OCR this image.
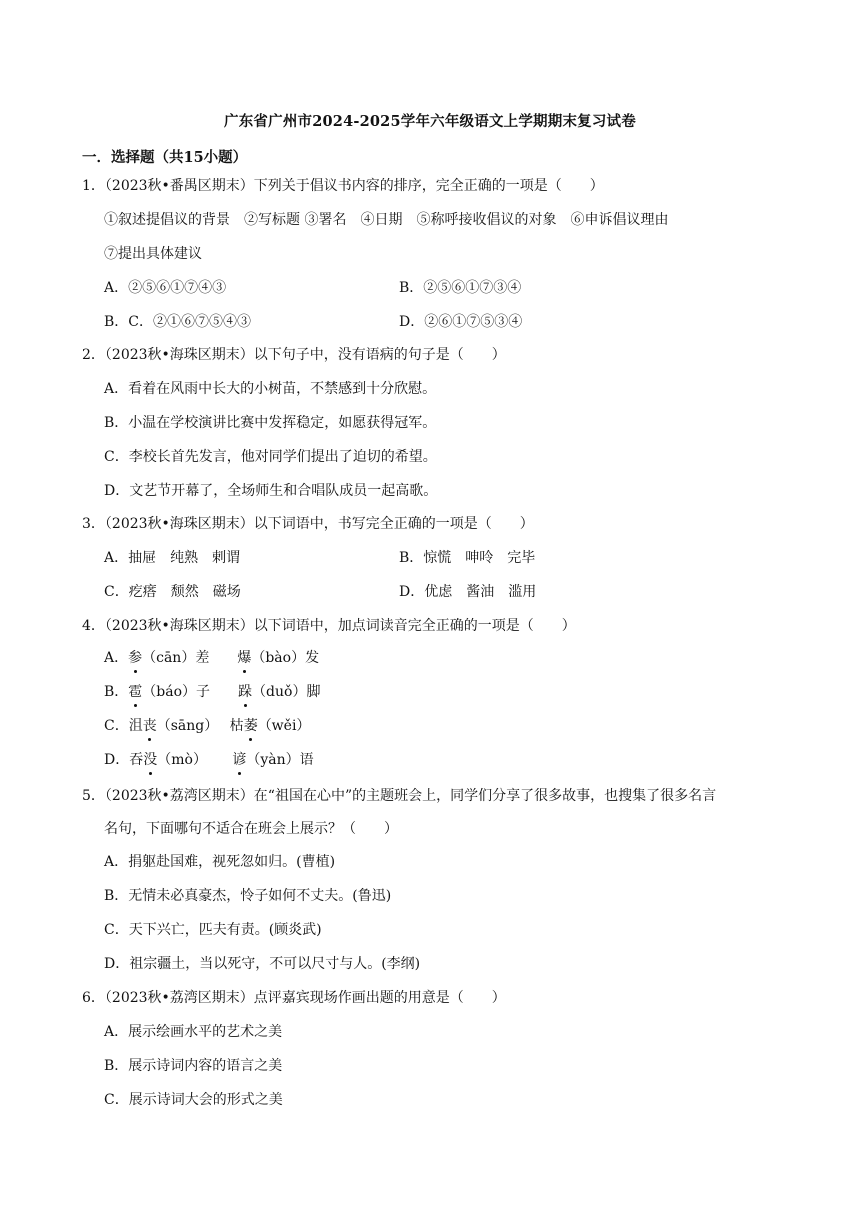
广东省广州市2024-2025学年六年级语文上学期期末复习试卷
一．选择题（共15小题）
1．（2023秋•番禺区期末）下列关于倡议书内容的排序，完全正确的一项是（　　）
①叙述提倡议的背景　②写标题 ③署名　④日期　⑤称呼接收倡议的对象　⑥申诉倡议理由
⑦提出具体建议
A．②⑤⑥①⑦④③	B．②⑤⑥①⑦③④
B．C．②①⑥⑦⑤④③	D．②⑥①⑦⑤③④
2．（2023秋•海珠区期末）以下句子中，没有语病的句子是（　　）
A．看着在风雨中长大的小树苗，不禁感到十分欣慰。
B．小温在学校演讲比赛中发挥稳定，如愿获得冠军。
C．李校长首先发言，他对同学们提出了迫切的希望。
D．文艺节开幕了，全场师生和合唱队成员一起高歌。
3．（2023秋•海珠区期末）以下词语中，书写完全正确的一项是（　　）
A．抽屉　纯熟　剌谓	B．惊慌　呻呤　完毕
C．疙瘩　颓然　磁场	D．优虑　酱油　滥用
4．（2023秋•海珠区期末）以下词语中，加点词读音完全正确的一项是（　　）
A．参（cān）差　　爆（bào）发
B．雹（báo）子　　跺（duǒ）脚
C．沮丧（sāng）　 枯萎（wěi）
D．吞没（mò）　　 谚（yàn）语
5．（2023秋•荔湾区期末）在“祖国在心中”的主题班会上，同学们分享了很多故事，也搜集了很多名言
名句，下面哪句不适合在班会上展示？（　　）
A．捐躯赴国难，视死忽如归。(曹植)
B．无情未必真豪杰，怜子如何不丈夫。(鲁迅)
C．天下兴亡，匹夫有责。(顾炎武)
D．祖宗疆土，当以死守，不可以尺寸与人。(李纲)
6．（2023秋•荔湾区期末）点评嘉宾现场作画出题的用意是（　　）
A．展示绘画水平的艺术之美
B．展示诗词内容的语言之美
C．展示诗词大会的形式之美
